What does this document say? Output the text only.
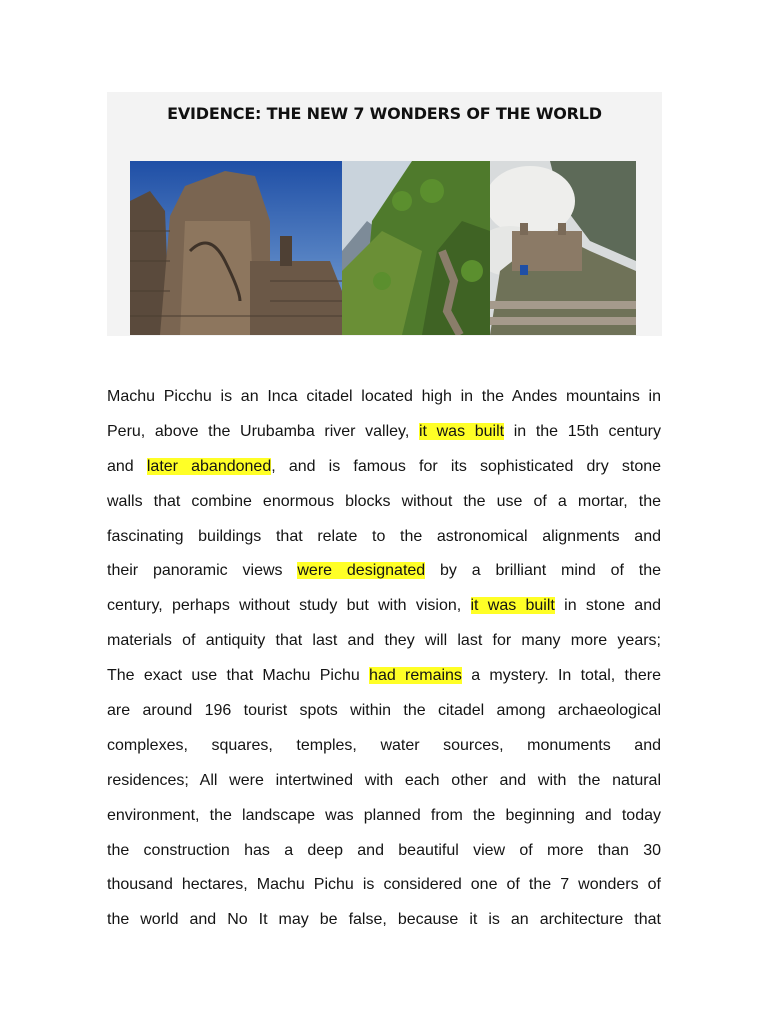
EVIDENCE: THE NEW 7 WONDERS OF THE WORLD
Machu Picchu is an Inca citadel located high in the Andes mountains in
Peru, above the Urubamba river valley, it was built in the 15th century
and later abandoned, and is famous for its sophisticated dry stone
walls that combine enormous blocks without the use of a mortar, the
fascinating buildings that relate to the astronomical alignments and
their panoramic views were designated by a brilliant mind of the
century, perhaps without study but with vision, it was built in stone and
materials of antiquity that last and they will last for many more years;
The exact use that Machu Pichu had remains a mystery. In total, there
are around 196 tourist spots within the citadel among archaeological
complexes, squares, temples, water sources, monuments and
residences; All were intertwined with each other and with the natural
environment, the landscape was planned from the beginning and today
the construction has a deep and beautiful view of more than 30
thousand hectares, Machu Pichu is considered one of the 7 wonders of
the world and No It may be false, because it is an architecture that
